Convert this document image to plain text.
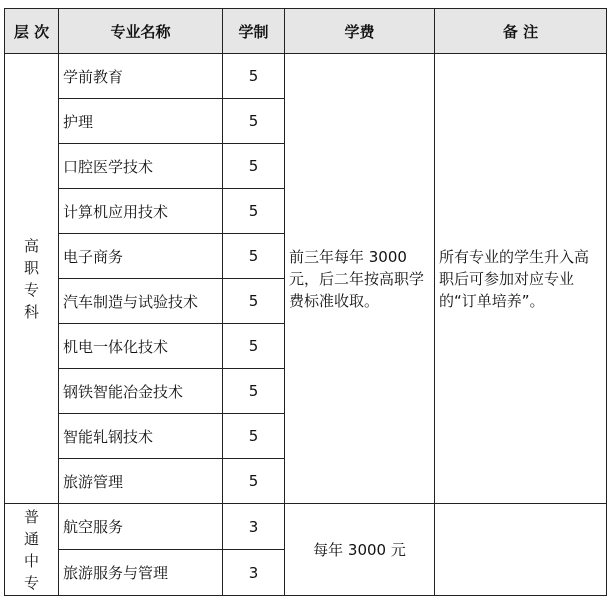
层 次	专业名称	学制	学费	备 注

高
职
专
科	学前教育	5	前三年每年 3000 元，后二年按高职学费标准收取。	所有专业的学生升入高职后可参加对应专业的“订单培养”。
	护理	5		
	口腔医学技术	5		
	计算机应用技术	5		
	电子商务	5		
	汽车制造与试验技术	5		
	机电一体化技术	5		
	钢铁智能冶金技术	5		
	智能轧钢技术	5		
	旅游管理	5		

普
通
中
专	航空服务	3	每年 3000 元	
	旅游服务与管理	3		
